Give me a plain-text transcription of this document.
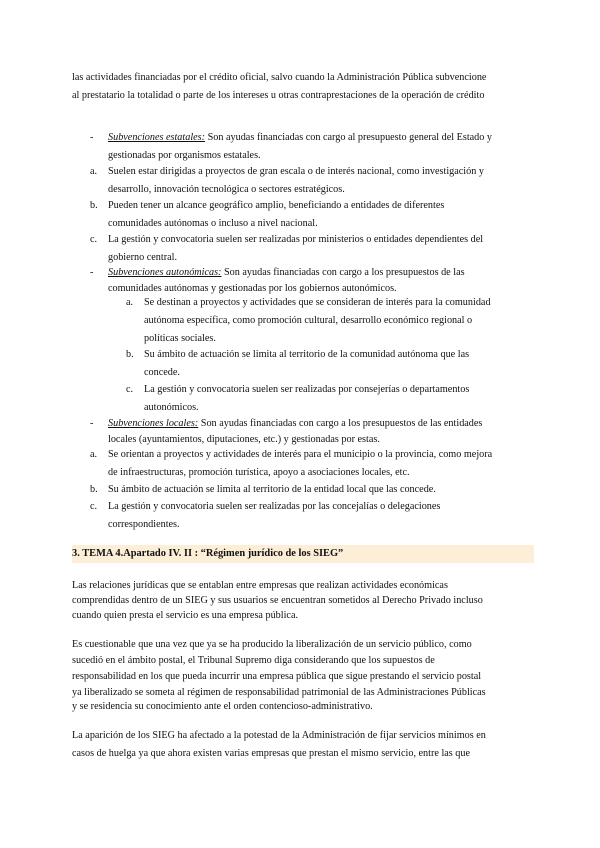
las actividades financiadas por el crédito oficial, salvo cuando la Administración Pública subvencione

al prestatario la totalidad o parte de los intereses u otras contraprestaciones de la operación de crédito

- Subvenciones estatales: Son ayudas financiadas con cargo al presupuesto general del Estado y

gestionadas por organismos estatales.

a. Suelen estar dirigidas a proyectos de gran escala o de interés nacional, como investigación y

desarrollo, innovación tecnológica o sectores estratégicos.

b. Pueden tener un alcance geográfico amplio, beneficiando a entidades de diferentes

comunidades autónomas o incluso a nivel nacional.

c. La gestión y convocatoria suelen ser realizadas por ministerios o entidades dependientes del

gobierno central.

- Subvenciones autonómicas: Son ayudas financiadas con cargo a los presupuestos de las

comunidades autónomas y gestionadas por los gobiernos autonómicos.

a. Se destinan a proyectos y actividades que se consideran de interés para la comunidad

autónoma específica, como promoción cultural, desarrollo económico regional o

políticas sociales.

b. Su ámbito de actuación se limita al territorio de la comunidad autónoma que las

concede.

c. La gestión y convocatoria suelen ser realizadas por consejerías o departamentos

autonómicos.

- Subvenciones locales: Son ayudas financiadas con cargo a los presupuestos de las entidades

locales (ayuntamientos, diputaciones, etc.) y gestionadas por estas.

a. Se orientan a proyectos y actividades de interés para el municipio o la provincia, como mejora

de infraestructuras, promoción turística, apoyo a asociaciones locales, etc.

b. Su ámbito de actuación se limita al territorio de la entidad local que las concede.

c. La gestión y convocatoria suelen ser realizadas por las concejalías o delegaciones

correspondientes.

3. TEMA 4.Apartado IV. II : “Régimen jurídico de los SIEG”

Las relaciones jurídicas que se entablan entre empresas que realizan actividades económicas

comprendidas dentro de un SIEG y sus usuarios se encuentran sometidos al Derecho Privado incluso

cuando quien presta el servicio es una empresa pública.

Es cuestionable que una vez que ya se ha producido la liberalización de un servicio público, como

sucedió en el ámbito postal, el Tribunal Supremo diga considerando que los supuestos de

responsabilidad en los que pueda incurrir una empresa pública que sigue prestando el servicio postal

ya liberalizado se someta al régimen de responsabilidad patrimonial de las Administraciones Públicas

y se residencia su conocimiento ante el orden contencioso-administrativo.

La aparición de los SIEG ha afectado a la potestad de la Administración de fijar servicios mínimos en

casos de huelga ya que ahora existen varias empresas que prestan el mismo servicio, entre las que
